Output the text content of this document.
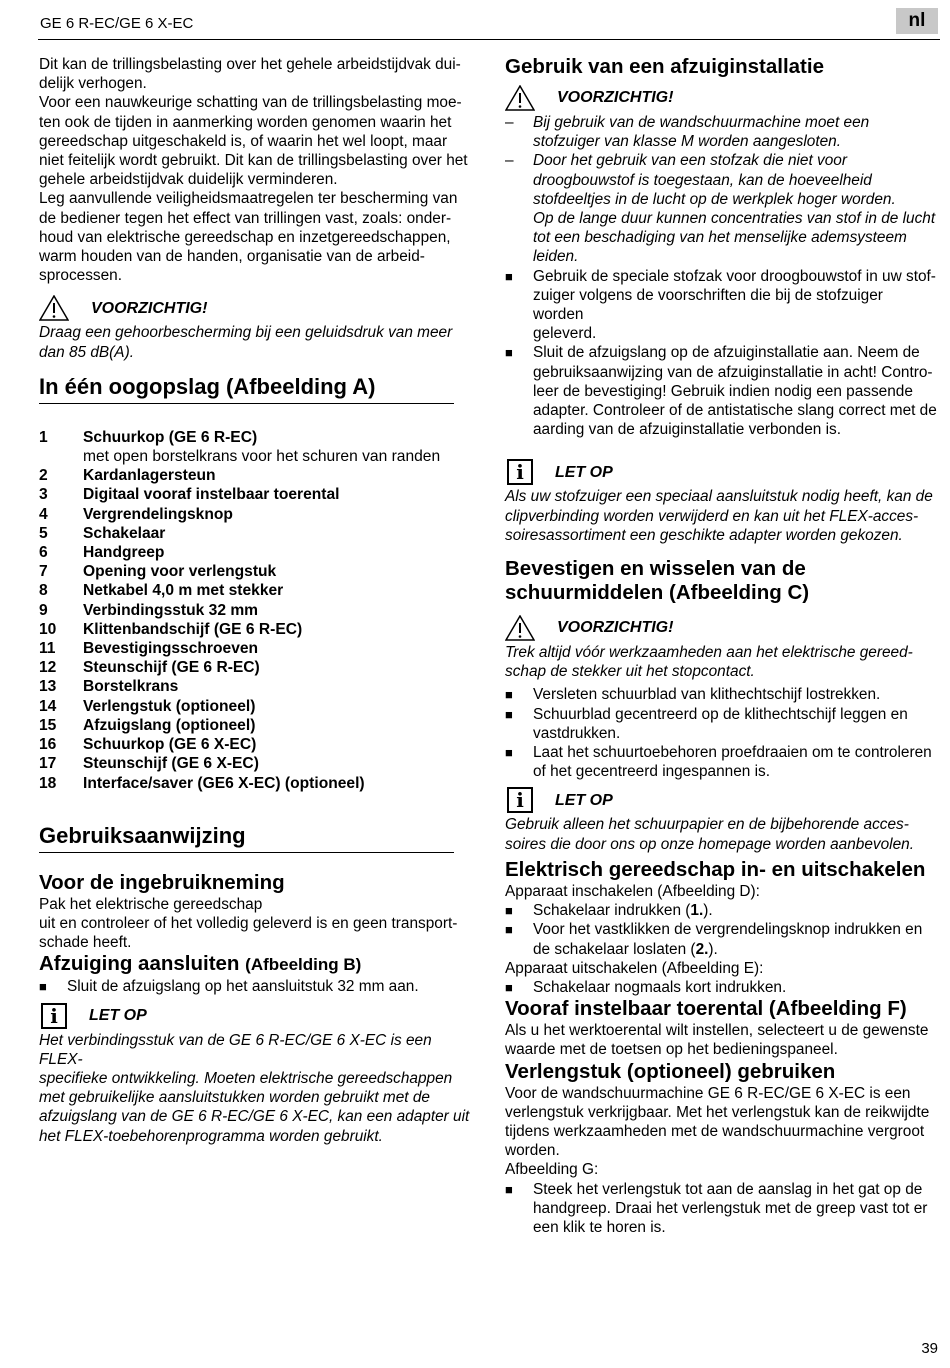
GE 6 R-EC/GE 6 X-EC	nl

Dit kan de trillingsbelasting over het gehele arbeidstijdvak dui-
delijk verhogen.

Voor een nauwkeurige schatting van de trillingsbelasting moe-
ten ook de tijden in aanmerking worden genomen waarin het
gereedschap uitgeschakeld is, of waarin het wel loopt, maar
niet feitelijk wordt gebruikt. Dit kan de trillingsbelasting over het
gehele arbeidstijdvak duidelijk verminderen.

Leg aanvullende veiligheidsmaatregelen ter bescherming van
de bediener tegen het effect van trillingen vast, zoals: onder-
houd van elektrische gereedschap en inzetgereedschappen,
warm houden van de handen, organisatie van de arbeid-
sprocessen.

VOORZICHTIG!

Draag een gehoorbescherming bij een geluidsdruk van meer
dan 85 dB(A).

In één oogopslag (Afbeelding A)
1	Schuurkop (GE 6 R-EC)
met open borstelkrans voor het schuren van randen
2	Kardanlagersteun
3	Digitaal vooraf instelbaar toerental
4	Vergrendelingsknop
5	Schakelaar
6	Handgreep
7	Opening voor verlengstuk
8	Netkabel 4,0 m met stekker
9	Verbindingsstuk 32 mm
10	Klittenbandschijf (GE 6 R-EC)
11	Bevestigingsschroeven
12	Steunschijf (GE 6 R-EC)
13	Borstelkrans
14	Verlengstuk (optioneel)
15	Afzuigslang (optioneel)
16	Schuurkop (GE 6 X-EC)
17	Steunschijf (GE 6 X-EC)
18	Interface/saver (GE6 X-EC) (optioneel)
Gebruiksaanwijzing
Voor de ingebruikneming

Pak het elektrische gereedschap
uit en controleer of het volledig geleverd is en geen transport-
schade heeft.

Afzuiging aansluiten (Afbeelding B)
■	Sluit de afzuigslang op het aansluitstuk 32 mm aan.
i	LET OP

Het verbindingsstuk van de GE 6 R-EC/GE 6 X-EC is een FLEX-
specifieke ontwikkeling. Moeten elektrische gereedschappen
met gebruikelijke aansluitstukken worden gebruikt met de
afzuigslang van de GE 6 R-EC/GE 6 X-EC, kan een adapter uit
het FLEX-toebehorenprogramma worden gebruikt.

Gebruik van een afzuiginstallatie
VOORZICHTIG!
–	Bij gebruik van de wandschuurmachine moet een
stofzuiger van klasse M worden aangesloten.
–	Door het gebruik van een stofzak die niet voor
droogbouwstof is toegestaan, kan de hoeveelheid
stofdeeltjes in de lucht op de werkplek hoger worden.
Op de lange duur kunnen concentraties van stof in de lucht
tot een beschadiging van het menselijke ademsysteem
leiden.
■	Gebruik de speciale stofzak voor droogbouwstof in uw stof-
zuiger volgens de voorschriften die bij de stofzuiger worden
geleverd.
■	Sluit de afzuigslang op de afzuiginstallatie aan. Neem de
gebruiksaanwijzing van de afzuiginstallatie in acht! Contro-
leer de bevestiging! Gebruik indien nodig een passende
adapter. Controleer of de antistatische slang correct met de
aarding van de afzuiginstallatie verbonden is.
i	LET OP

Als uw stofzuiger een speciaal aansluitstuk nodig heeft, kan de
clipverbinding worden verwijderd en kan uit het FLEX-acces-
soiresassortiment een geschikte adapter worden gekozen.

Bevestigen en wisselen van de
schuurmiddelen (Afbeelding C)
VOORZICHTIG!

Trek altijd vóór werkzaamheden aan het elektrische gereed-
schap de stekker uit het stopcontact.

■	Versleten schuurblad van klithechtschijf lostrekken.
■	Schuurblad gecentreerd op de klithechtschijf leggen en
vastdrukken.
■	Laat het schuurtoebehoren proefdraaien om te controleren
of het gecentreerd ingespannen is.
i	LET OP

Gebruik alleen het schuurpapier en de bijbehorende acces-
soires die door ons op onze homepage worden aanbevolen.

Elektrisch gereedschap in- en uitschakelen

Apparaat inschakelen (Afbeelding D):

■	Schakelaar indrukken (1.).
■	Voor het vastklikken de vergrendelingsknop indrukken en
de schakelaar loslaten (2.).

Apparaat uitschakelen (Afbeelding E):

■	Schakelaar nogmaals kort indrukken.
Vooraf instelbaar toerental (Afbeelding F)

Als u het werktoerental wilt instellen, selecteert u de gewenste
waarde met de toetsen op het bedieningspaneel.

Verlengstuk (optioneel) gebruiken

Voor de wandschuurmachine GE 6 R-EC/GE 6 X-EC is een
verlengstuk verkrijgbaar. Met het verlengstuk kan de reikwijdte
tijdens werkzaamheden met de wandschuurmachine vergroot
worden.

Afbeelding G:

■	Steek het verlengstuk tot aan de aanslag in het gat op de
handgreep. Draai het verlengstuk met de greep vast tot er
een klik te horen is.
39
